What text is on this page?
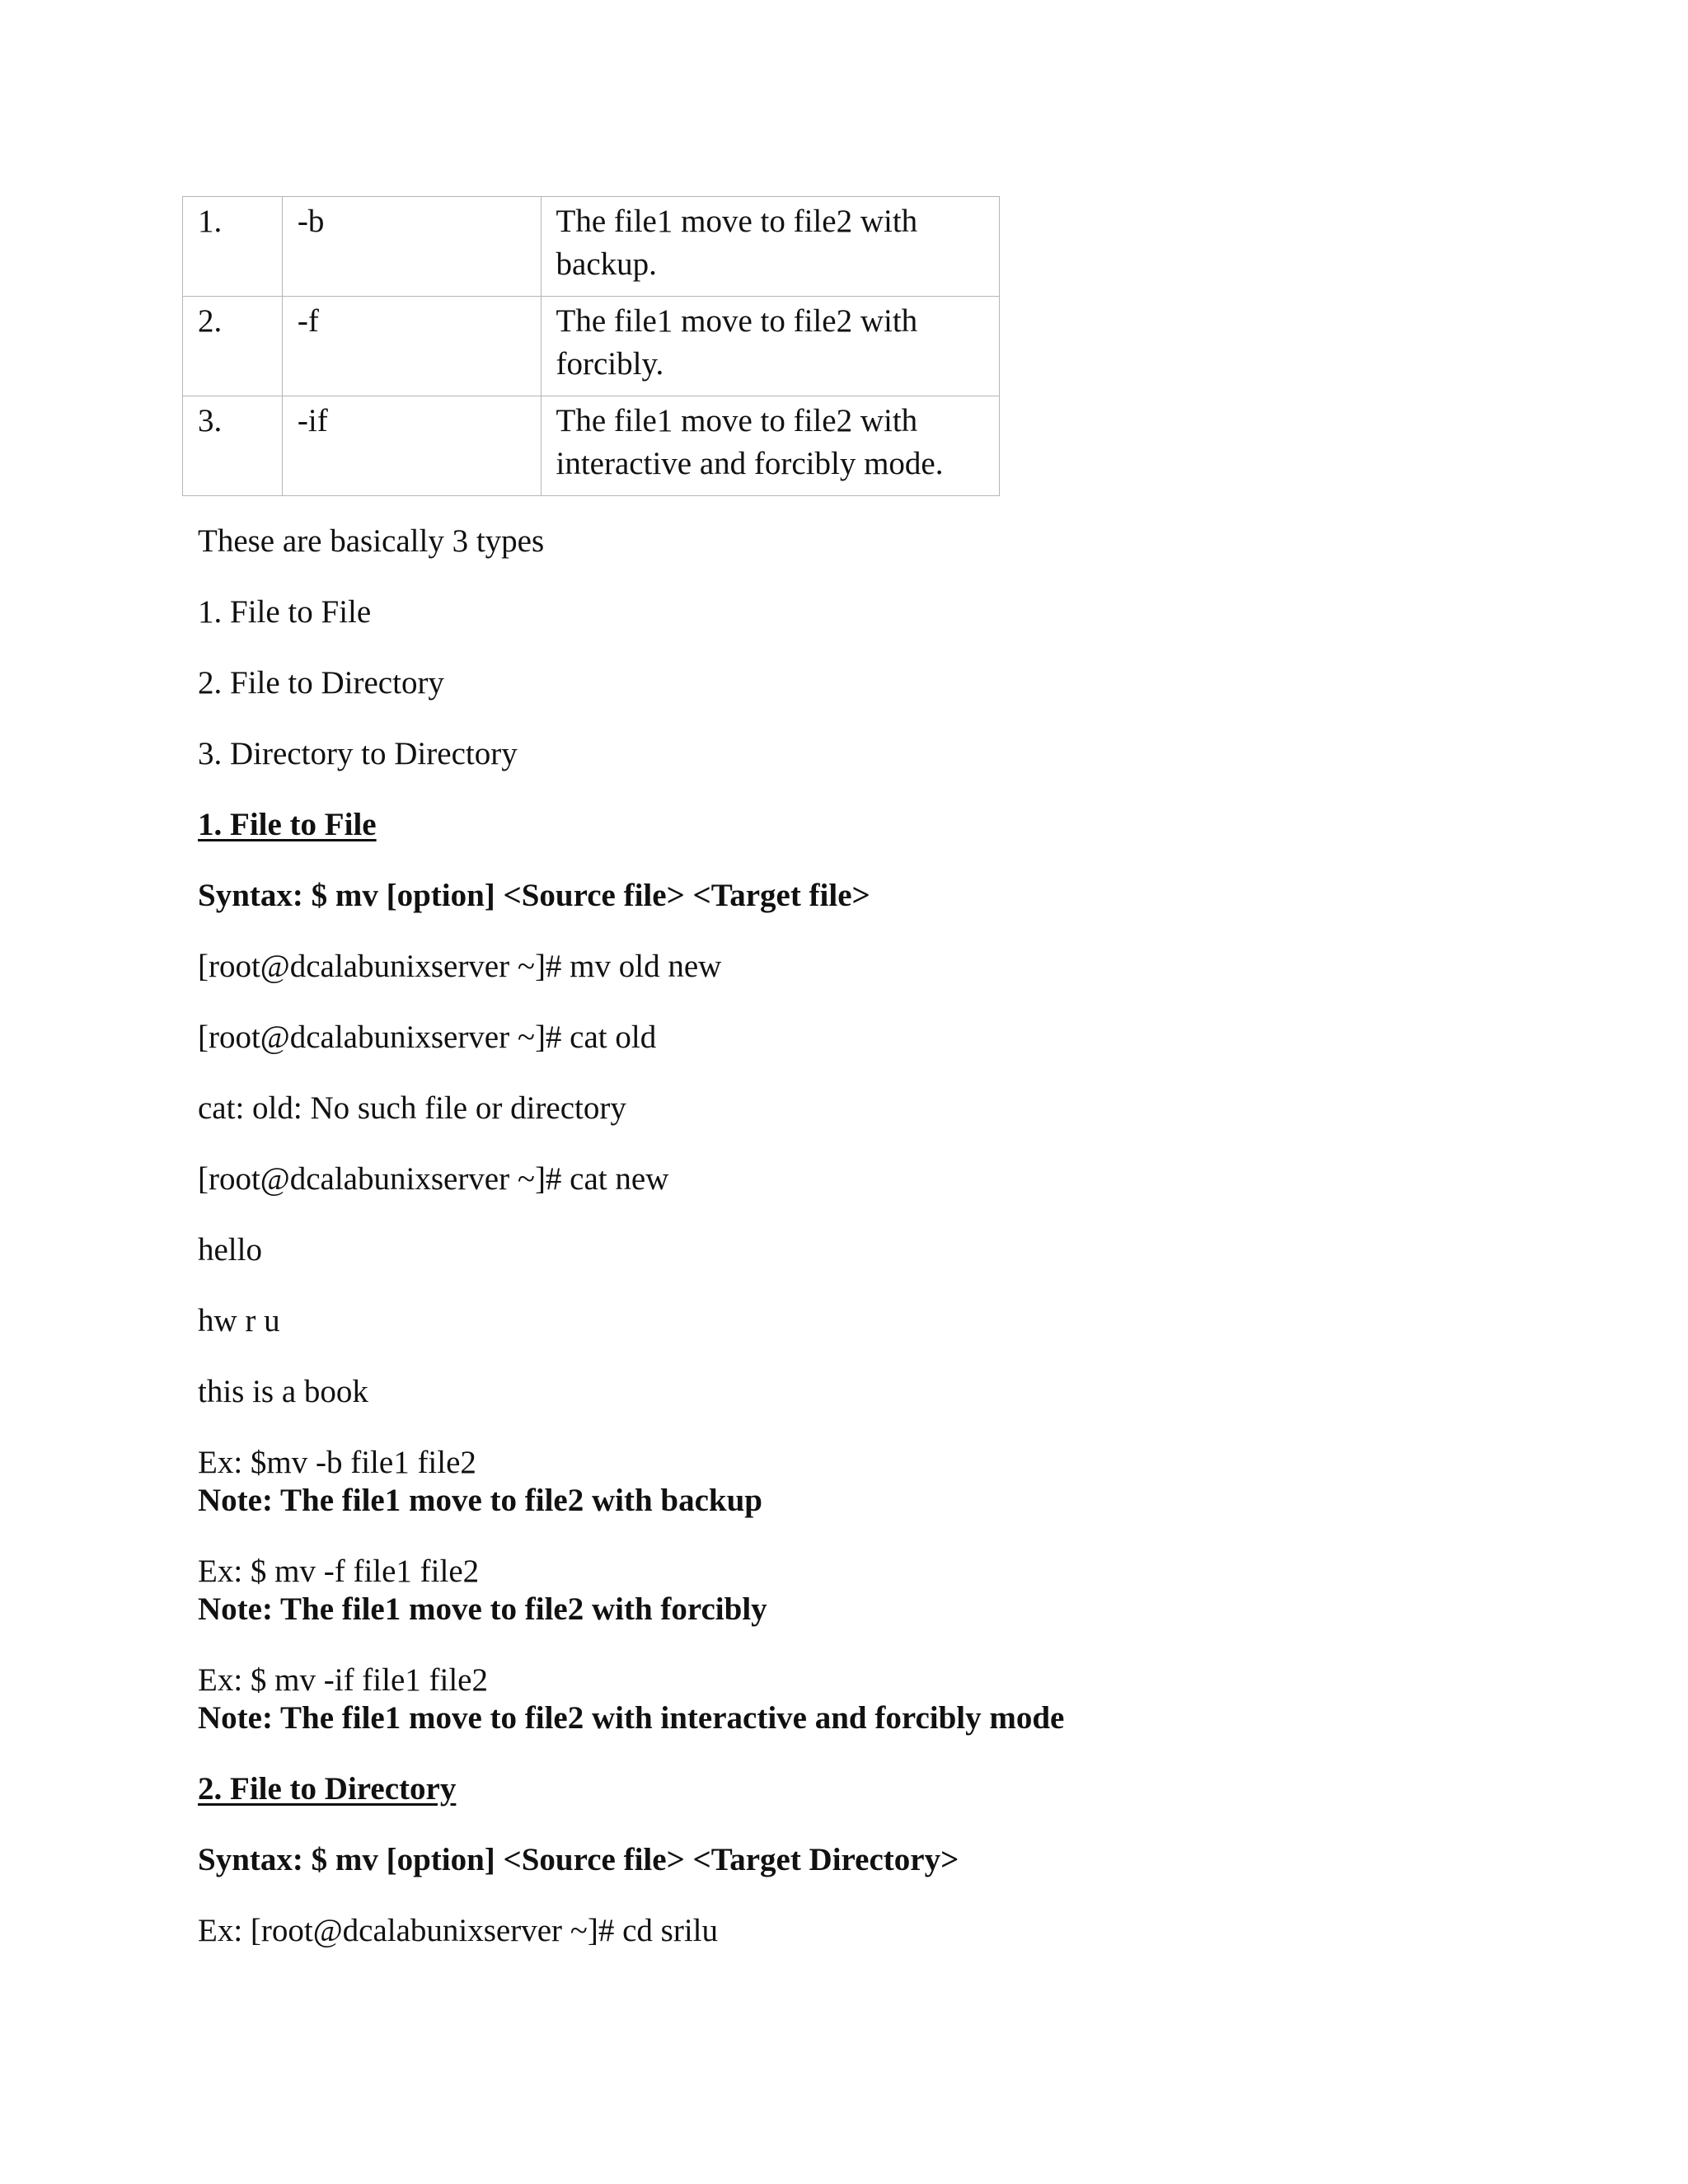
1.	-b	The file1 move to file2 with
backup.
2.	-f	The file1 move to file2 with
forcibly.
3.	-if	The file1 move to file2 with
interactive and forcibly mode.
These are basically 3 types
1. File to File
2. File to Directory
3. Directory to Directory
1. File to File
Syntax: $ mv [option] <Source file> <Target file>
[root@dcalabunixserver ~]# mv old new
[root@dcalabunixserver ~]# cat old
cat: old: No such file or directory
[root@dcalabunixserver ~]# cat new
hello
hw r u
this is a book
Ex: $mv -b file1 file2
Note: The file1 move to file2 with backup
Ex: $ mv -f file1 file2
Note: The file1 move to file2 with forcibly
Ex: $ mv -if file1 file2
Note: The file1 move to file2 with interactive and forcibly mode
2. File to Directory
Syntax: $ mv [option] <Source file> <Target Directory>
Ex: [root@dcalabunixserver ~]# cd srilu
